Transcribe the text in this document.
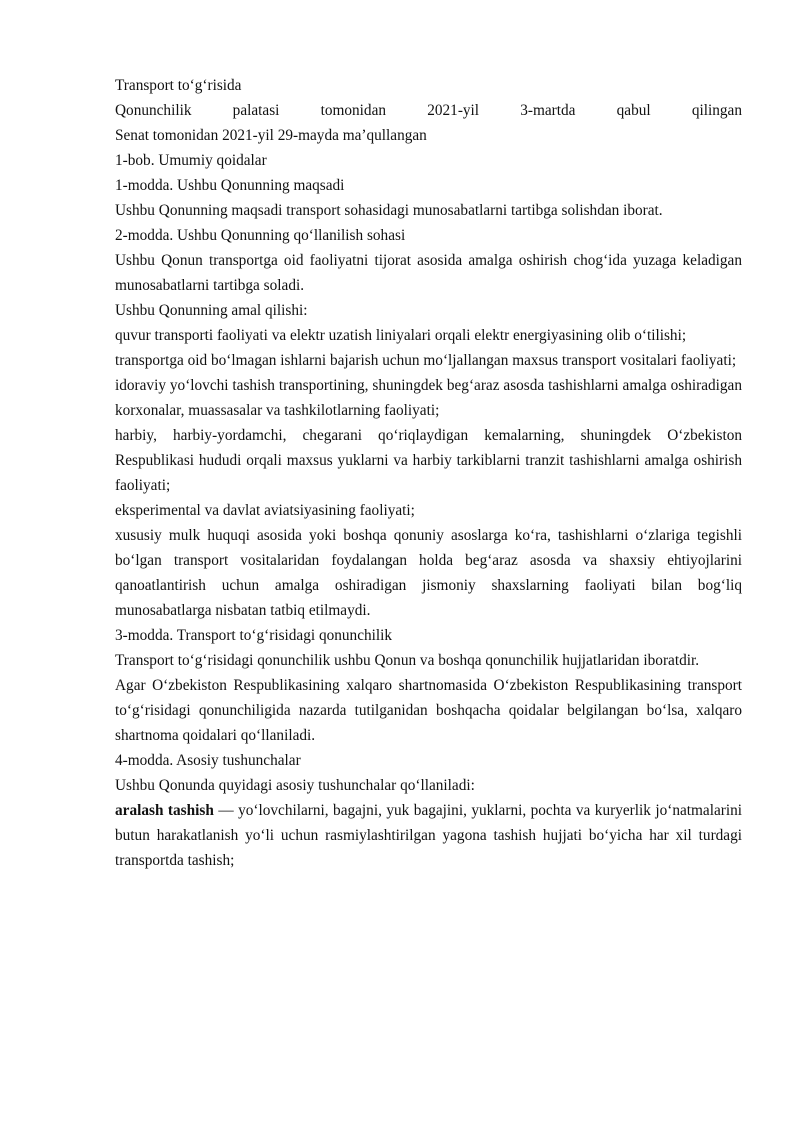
Transport to‘g‘risida

Qonunchilik	palatasi	tomonidan	2021-yil	3-martda	qabul	qilingan

Senat tomonidan 2021-yil 29-mayda ma’qullangan

1-bob. Umumiy qoidalar

1-modda. Ushbu Qonunning maqsadi

Ushbu Qonunning maqsadi transport sohasidagi munosabatlarni tartibga solishdan iborat.

2-modda. Ushbu Qonunning qo‘llanilish sohasi

Ushbu Qonun transportga oid faoliyatni tijorat asosida amalga oshirish chog‘ida yuzaga keladigan munosabatlarni tartibga soladi.

Ushbu Qonunning amal qilishi:

quvur transporti faoliyati va elektr uzatish liniyalari orqali elektr energiyasining olib o‘tilishi;

transportga oid bo‘lmagan ishlarni bajarish uchun mo‘ljallangan maxsus transport vositalari faoliyati;

idoraviy yo‘lovchi tashish transportining, shuningdek beg‘araz asosda tashishlarni amalga oshiradigan korxonalar, muassasalar va tashkilotlarning faoliyati;

harbiy, harbiy-yordamchi, chegarani qo‘riqlaydigan kemalarning, shuningdek O‘zbekiston Respublikasi hududi orqali maxsus yuklarni va harbiy tarkiblarni tranzit tashishlarni amalga oshirish faoliyati;

eksperimental va davlat aviatsiyasining faoliyati;

xususiy mulk huquqi asosida yoki boshqa qonuniy asoslarga ko‘ra, tashishlarni o‘zlariga tegishli bo‘lgan transport vositalaridan foydalangan holda beg‘araz asosda va shaxsiy ehtiyojlarini qanoatlantirish uchun amalga oshiradigan jismoniy shaxslarning faoliyati bilan bog‘liq munosabatlarga nisbatan tatbiq etilmaydi.

3-modda. Transport to‘g‘risidagi qonunchilik

Transport to‘g‘risidagi qonunchilik ushbu Qonun va boshqa qonunchilik hujjatlaridan iboratdir.

Agar O‘zbekiston Respublikasining xalqaro shartnomasida O‘zbekiston Respublikasining transport to‘g‘risidagi qonunchiligida nazarda tutilganidan boshqacha qoidalar belgilangan bo‘lsa, xalqaro shartnoma qoidalari qo‘llaniladi.

4-modda. Asosiy tushunchalar

Ushbu Qonunda quyidagi asosiy tushunchalar qo‘llaniladi:

aralash tashish — yo‘lovchilarni, bagajni, yuk bagajini, yuklarni, pochta va kuryerlik jo‘natmalarini butun harakatlanish yo‘li uchun rasmiylashtirilgan yagona tashish hujjati bo‘yicha har xil turdagi transportda tashish;
